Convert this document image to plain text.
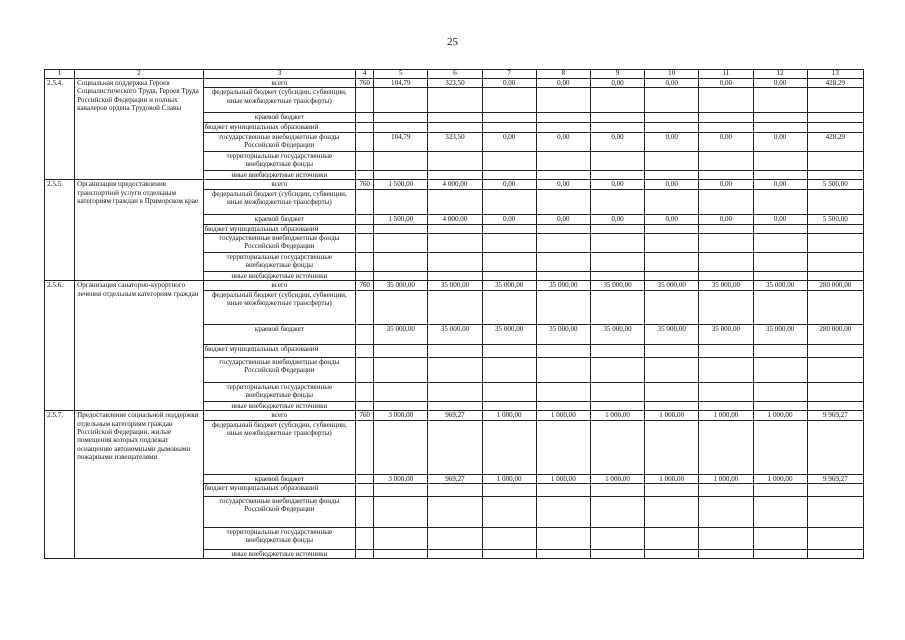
25
1	2	3	4	5	6	7	8	9	10	11	12	13
2.5.4.	Социальная поддержка Героев Социалистического Труда, Героев Труда Российской Федерации и полных кавалеров ордена Трудовой Славы	всего	760	104,79	323,50	0,00	0,00	0,00	0,00	0,00	0,00	428,29
		федеральный бюджет (субсидии, субвенции, иные межбюджетные трансферты)										
		краевой бюджет										
		бюджет муниципальных образований										
		государственные внебюджетные фонды Российской Федерации		104,79	323,50	0,00	0,00	0,00	0,00	0,00	0,00	428,29
		территориальные государственные внебюджетные фонды										
		иные внебюджетные источники										
2.5.5.	Организация предоставления транспортной услуги отдельным категориям граждан в Приморском крае	всего	760	1 500,00	4 000,00	0,00	0,00	0,00	0,00	0,00	0,00	5 500,00
		федеральный бюджет (субсидии, субвенции, иные межбюджетные трансферты)										
		краевой бюджет		1 500,00	4 000,00	0,00	0,00	0,00	0,00	0,00	0,00	5 500,00
		бюджет муниципальных образований										
		государственные внебюджетные фонды Российской Федерации										
		территориальные государственные внебюджетные фонды										
		иные внебюджетные источники										
2.5.6.	Организация санаторно-курортного лечения отдельным категориям граждан	всего	760	35 000,00	35 000,00	35 000,00	35 000,00	35 000,00	35 000,00	35 000,00	35 000,00	280 000,00
		федеральный бюджет (субсидии, субвенции, иные межбюджетные трансферты)										
		краевой бюджет		35 000,00	35 000,00	35 000,00	35 000,00	35 000,00	35 000,00	35 000,00	35 000,00	280 000,00
		бюджет муниципальных образований										
		государственные внебюджетные фонды Российской Федерации										
		территориальные государственные внебюджетные фонды										
		иные внебюджетные источники										
2.5.7.	Предоставление социальной поддержки отдельным категориям граждан Российской Федерации, жилые помещения которых подлежат оснащению автономными дымовыми пожарными извещателями	всего	760	3 000,00	969,27	1 000,00	1 000,00	1 000,00	1 000,00	1 000,00	1 000,00	9 969,27
		федеральный бюджет (субсидии, субвенции, иные межбюджетные трансферты)										
		краевой бюджет		3 000,00	969,27	1 000,00	1 000,00	1 000,00	1 000,00	1 000,00	1 000,00	9 969,27
		бюджет муниципальных образований										
		государственные внебюджетные фонды Российской Федерации										
		территориальные государственные внебюджетные фонды										
		иные внебюджетные источники										
